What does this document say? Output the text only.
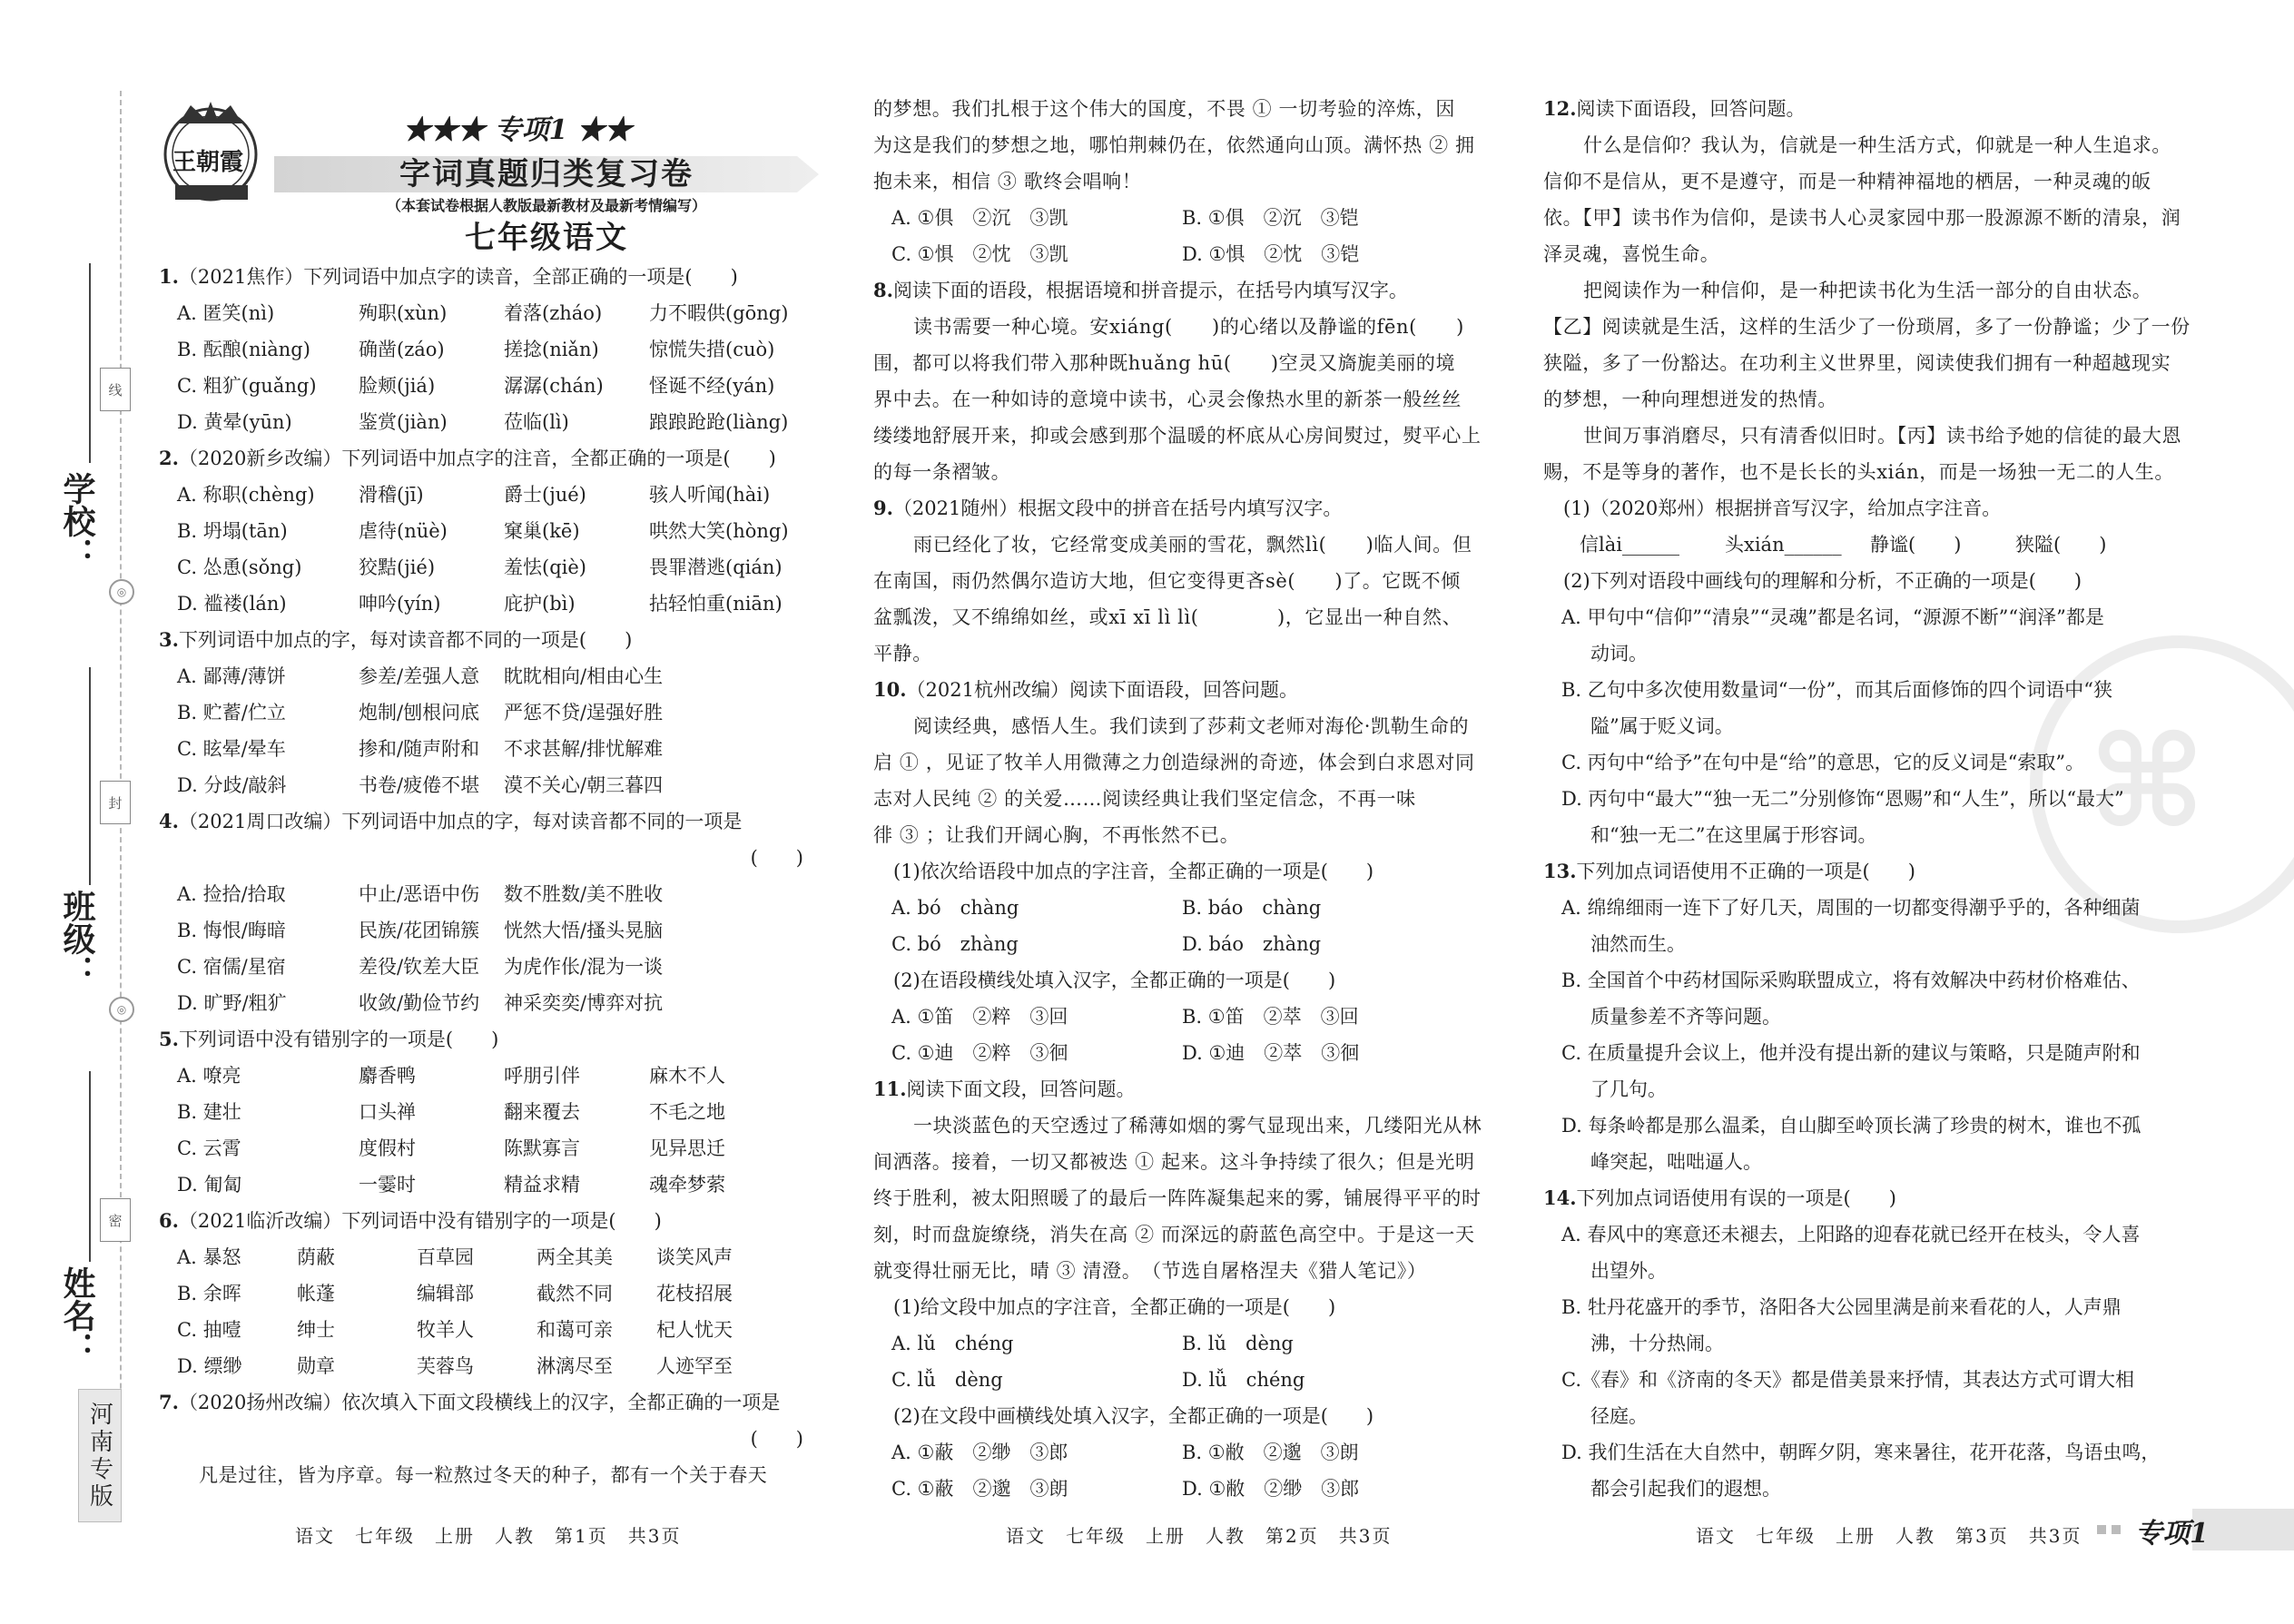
学校：
班级：
姓名：
线
封
密
◎
◎
河南专版
王朝霞
★★★ 专项1 ★★
字词真题归类复习卷
（本套试卷根据人教版最新教材及最新考情编写）
七年级语文
⌘
1.（2021焦作）下列词语中加点字的读音，全部正确的一项是(　　)
A. 匿笑(nì)	殉职(xùn)	着落(zháo) 力不暇供(gōng)
B. 酝酿(niàng)	确凿(záo)	搓捻(niǎn)	惊慌失措(cuò)
C. 粗犷(guǎng) 脸颊(jiá)	潺潺(chán) 怪诞不经(yán)
D. 黄晕(yūn)	鉴赏(jiàn)	莅临(lì)	踉踉跄跄(liàng)
2.（2020新乡改编）下列词语中加点字的注音，全都正确的一项是(　　)
A. 称职(chèng) 滑稽(jī)	爵士(jué)	骇人听闻(hài)
B. 坍塌(tān)	虐待(nüè)	窠巢(kē)	哄然大笑(hòng)
C. 怂恿(sǒng)	狡黠(jié)	羞怯(qiè)	畏罪潜逃(qián)
D. 褴褛(lán)	呻吟(yín)	庇护(bì)	拈轻怕重(niān)
3.下列词语中加点的字，每对读音都不同的一项是(　　)
A. 鄙薄/薄饼	参差/差强人意 眈眈相向/相由心生
B. 贮蓄/伫立	炮制/刨根问底 严惩不贷/逞强好胜
C. 眩晕/晕车	掺和/随声附和 不求甚解/排忧解难
D. 分歧/敲斜	书卷/疲倦不堪 漠不关心/朝三暮四
4.（2021周口改编）下列词语中加点的字，每对读音都不同的一项是
(　　)
A. 捡拾/拾取	中止/恶语中伤 数不胜数/美不胜收
B. 悔恨/晦暗	民族/花团锦簇 恍然大悟/搔头晃脑
C. 宿儒/星宿	差役/钦差大臣 为虎作伥/混为一谈
D. 旷野/粗犷	收敛/勤俭节约 神采奕奕/博弈对抗
5.下列词语中没有错别字的一项是(　　)
A. 嘹亮	麝香鸭	呼朋引伴	麻木不人
B. 建壮	口头禅	翻来覆去	不毛之地
C. 云霄	度假村	陈默寡言	见异思迁
D. 匍匐	一霎时	精益求精	魂牵梦萦
6.（2021临沂改编）下列词语中没有错别字的一项是(　　)
A. 暴怒	荫蔽	百草园	两全其美 谈笑风声
B. 余晖	帐蓬	编辑部	截然不同 花枝招展
C. 抽噎	绅士	牧羊人	和蔼可亲 杞人忧天
D. 缥缈	勋章	芙蓉鸟	淋漓尽至 人迹罕至
7.（2020扬州改编）依次填入下面文段横线上的汉字，全都正确的一项是
(　　)
凡是过往，皆为序章。每一粒熬过冬天的种子，都有一个关于春天
的梦想。我们扎根于这个伟大的国度，不畏 ① 一切考验的淬炼，因
为这是我们的梦想之地，哪怕荆棘仍在，依然通向山顶。满怀热 ② 拥
抱未来，相信 ③ 歌终会唱响！
A. ①俱　②沉　③凯	B. ①俱　②沉　③铠
C. ①惧　②忱　③凯	D. ①惧　②忱　③铠
8.阅读下面的语段，根据语境和拼音提示，在括号内填写汉字。
读书需要一种心境。安xiáng(　　)的心绪以及静谧的fēn(　　)
围，都可以将我们带入那种既huǎng hū(　　)空灵又旖旎美丽的境
界中去。在一种如诗的意境中读书，心灵会像热水里的新茶一般丝丝
缕缕地舒展开来，抑或会感到那个温暖的杯底从心房间熨过，熨平心上
的每一条褶皱。
9.（2021随州）根据文段中的拼音在括号内填写汉字。
雨已经化了妆，它经常变成美丽的雪花，飘然lì(　　)临人间。但
在南国，雨仍然偶尔造访大地，但它变得更吝sè(　　)了。它既不倾
盆瓢泼，又不绵绵如丝，或xī xī lì lì(　　　　)，它显出一种自然、
平静。
10.（2021杭州改编）阅读下面语段，回答问题。
阅读经典，感悟人生。我们读到了莎莉文老师对海伦·凯勒生命的
启 ① ，见证了牧羊人用微薄之力创造绿洲的奇迹，体会到白求恩对同
志对人民纯 ② 的关爱……阅读经典让我们坚定信念，不再一味
徘 ③ ；让我们开阔心胸，不再怅然不已。
(1)依次给语段中加点的字注音，全都正确的一项是(　　)
A. bó　chàng	B. báo　chàng
C. bó　zhàng	D. báo　zhàng
(2)在语段横线处填入汉字，全都正确的一项是(　　)
A. ①笛　②粹　③回	B. ①笛　②萃　③回
C. ①迪　②粹　③徊	D. ①迪　②萃　③徊
11.阅读下面文段，回答问题。
一块淡蓝色的天空透过了稀薄如烟的雾气显现出来，几缕阳光从林
间洒落。接着，一切又都被迭 ① 起来。这斗争持续了很久；但是光明
终于胜利，被太阳照暖了的最后一阵阵凝集起来的雾，铺展得平平的时
刻，时而盘旋缭绕，消失在高 ② 而深远的蔚蓝色高空中。于是这一天
就变得壮丽无比，晴 ③ 清澄。　（节选自屠格涅夫《猎人笔记》）
(1)给文段中加点的字注音，全都正确的一项是(　　)
A. lǔ　chéng	B. lǔ　dèng
C. lǚ　dèng	D. lǚ　chéng
(2)在文段中画横线处填入汉字，全都正确的一项是(　　)
A. ①蔽　②缈　③郎	B. ①敝　②邈　③朗
C. ①蔽　②邈　③朗	D. ①敝　②缈　③郎
12.阅读下面语段，回答问题。
什么是信仰？我认为，信就是一种生活方式，仰就是一种人生追求。
信仰不是信从，更不是遵守，而是一种精神福地的栖居，一种灵魂的皈
依。【甲】读书作为信仰，是读书人心灵家园中那一股源源不断的清泉，润
泽灵魂，喜悦生命。
把阅读作为一种信仰，是一种把读书化为生活一部分的自由状态。
【乙】阅读就是生活，这样的生活少了一份琐屑，多了一份静谧；少了一份
狭隘，多了一份豁达。在功利主义世界里，阅读使我们拥有一种超越现实
的梦想，一种向理想迸发的热情。
世间万事消磨尽，只有清香似旧时。【丙】读书给予她的信徒的最大恩
赐，不是等身的著作，也不是长长的头xián，而是一场独一无二的人生。
(1)（2020郑州）根据拼音写汉字，给加点字注音。
信lài______ 头xián______ 静谧(　　)	狭隘(　　)
(2)下列对语段中画线句的理解和分析，不正确的一项是(　　)
A. 甲句中“信仰”“清泉”“灵魂”都是名词，“源源不断”“润泽”都是
动词。
B. 乙句中多次使用数量词“一份”，而其后面修饰的四个词语中“狭
隘”属于贬义词。
C. 丙句中“给予”在句中是“给”的意思，它的反义词是“索取”。
D. 丙句中“最大”“独一无二”分别修饰“恩赐”和“人生”，所以“最大”
和“独一无二”在这里属于形容词。
13.下列加点词语使用不正确的一项是(　　)
A. 绵绵细雨一连下了好几天，周围的一切都变得潮乎乎的，各种细菌
油然而生。
B. 全国首个中药材国际采购联盟成立，将有效解决中药材价格难估、
质量参差不齐等问题。
C. 在质量提升会议上，他并没有提出新的建议与策略，只是随声附和
了几句。
D. 每条岭都是那么温柔，自山脚至岭顶长满了珍贵的树木，谁也不孤
峰突起，咄咄逼人。
14.下列加点词语使用有误的一项是(　　)
A. 春风中的寒意还未褪去，上阳路的迎春花就已经开在枝头，令人喜
出望外。
B. 牡丹花盛开的季节，洛阳各大公园里满是前来看花的人，人声鼎
沸，十分热闹。
C.《春》和《济南的冬天》都是借美景来抒情，其表达方式可谓大相
径庭。
D. 我们生活在大自然中，朝晖夕阴，寒来暑往，花开花落，鸟语虫鸣，
都会引起我们的遐想。
语文　七年级　上册　人教　第1页　共3页	语文　七年级　上册　人教　第2页　共3页	语文　七年级　上册　人教　第3页　共3页 专项1
